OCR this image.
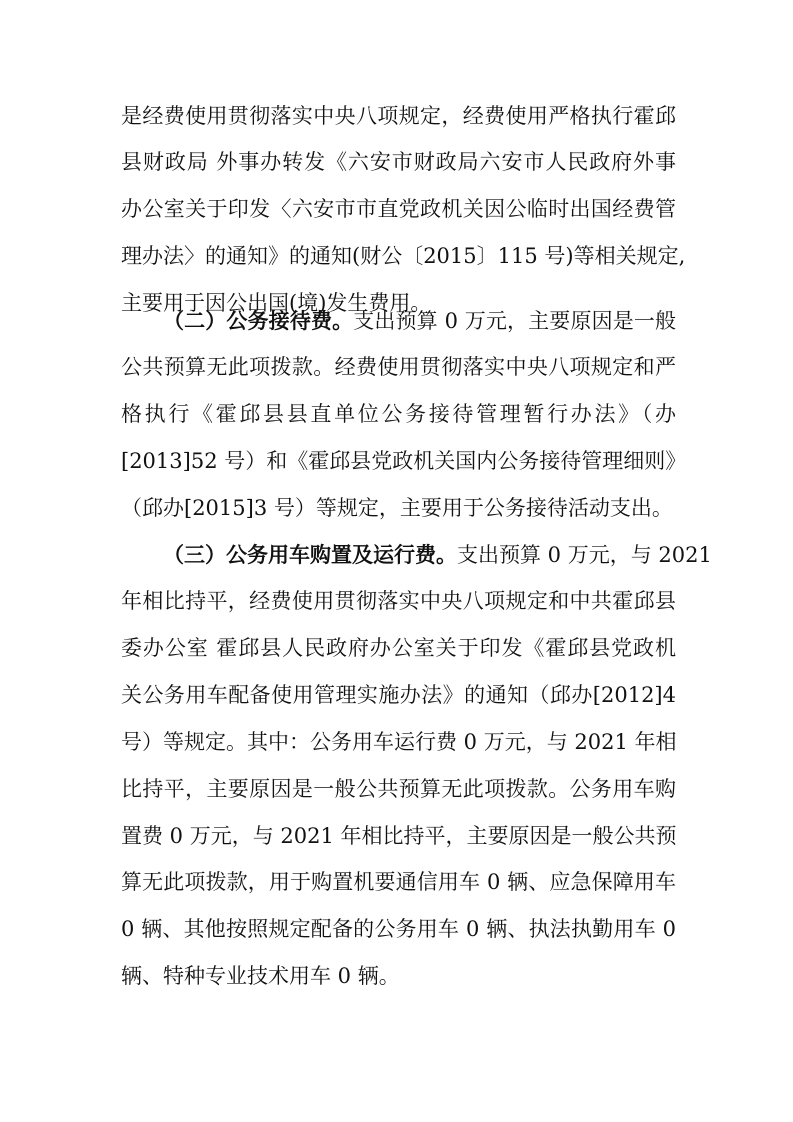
是经费使用贯彻落实中央八项规定，经费使用严格执行霍邱
县财政局 外事办转发《六安市财政局六安市人民政府外事
办公室关于印发〈六安市市直党政机关因公临时出国经费管
理办法〉的通知》的通知(财公〔2015〕115 号)等相关规定,
主要用于因公出国(境)发生费用。
（二）公务接待费。支出预算 0 万元，主要原因是一般
公共预算无此项拨款。经费使用贯彻落实中央八项规定和严
格执行《霍邱县县直单位公务接待管理暂行办法》（办
[2013]52 号）和《霍邱县党政机关国内公务接待管理细则》
（邱办[2015]3 号）等规定，主要用于公务接待活动支出。
（三）公务用车购置及运行费。支出预算 0 万元，与 2021
年相比持平，经费使用贯彻落实中央八项规定和中共霍邱县
委办公室 霍邱县人民政府办公室关于印发《霍邱县党政机
关公务用车配备使用管理实施办法》的通知（邱办[2012]4
号）等规定。其中：公务用车运行费 0 万元，与 2021 年相
比持平，主要原因是一般公共预算无此项拨款。公务用车购
置费 0 万元，与 2021 年相比持平，主要原因是一般公共预
算无此项拨款，用于购置机要通信用车 0 辆、应急保障用车
0 辆、其他按照规定配备的公务用车 0 辆、执法执勤用车 0
辆、特种专业技术用车 0 辆。
